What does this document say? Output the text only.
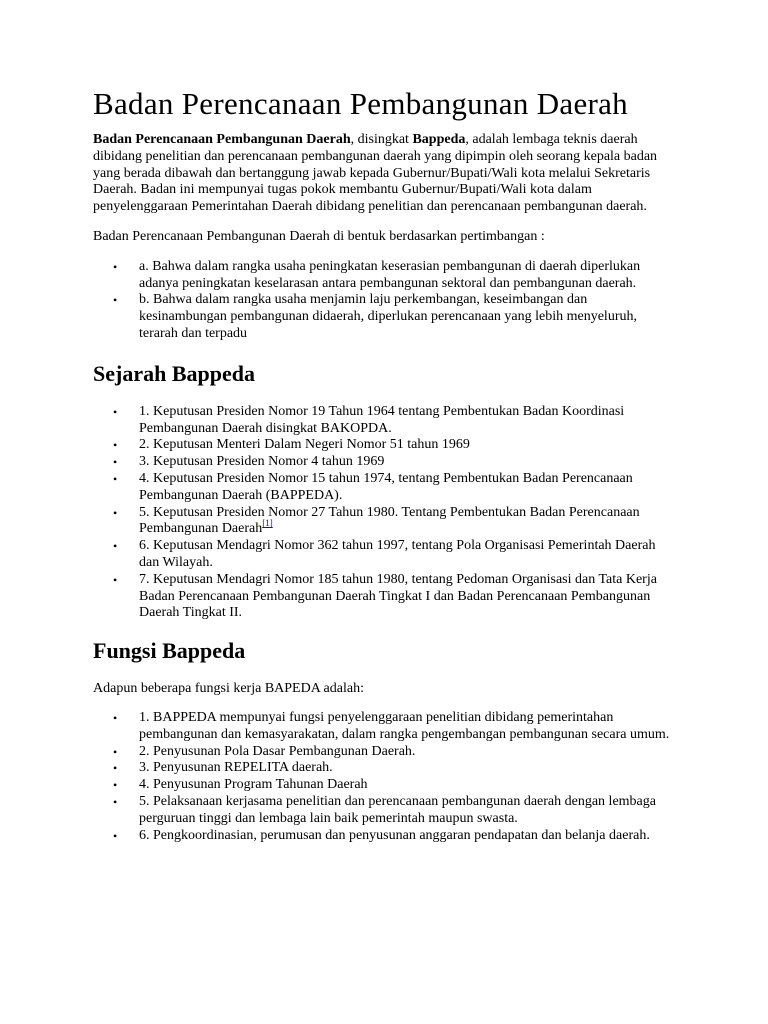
Badan Perencanaan Pembangunan Daerah

Badan Perencanaan Pembangunan Daerah, disingkat Bappeda, adalah lembaga teknis daerah dibidang penelitian dan perencanaan pembangunan daerah yang dipimpin oleh seorang kepala badan yang berada dibawah dan bertanggung jawab kepada Gubernur/Bupati/Wali kota melalui Sekretaris Daerah. Badan ini mempunyai tugas pokok membantu Gubernur/Bupati/Wali kota dalam penyelenggaraan Pemerintahan Daerah dibidang penelitian dan perencanaan pembangunan daerah.

Badan Perencanaan Pembangunan Daerah di bentuk berdasarkan pertimbangan :

• a. Bahwa dalam rangka usaha peningkatan keserasian pembangunan di daerah diperlukan adanya peningkatan keselarasan antara pembangunan sektoral dan pembangunan daerah.
• b. Bahwa dalam rangka usaha menjamin laju perkembangan, keseimbangan dan kesinambungan pembangunan didaerah, diperlukan perencanaan yang lebih menyeluruh, terarah dan terpadu
Sejarah Bappeda
• 1. Keputusan Presiden Nomor 19 Tahun 1964 tentang Pembentukan Badan Koordinasi Pembangunan Daerah disingkat BAKOPDA.
• 2. Keputusan Menteri Dalam Negeri Nomor 51 tahun 1969
• 3. Keputusan Presiden Nomor 4 tahun 1969
• 4. Keputusan Presiden Nomor 15 tahun 1974, tentang Pembentukan Badan Perencanaan Pembangunan Daerah (BAPPEDA).
• 5. Keputusan Presiden Nomor 27 Tahun 1980. Tentang Pembentukan Badan Perencanaan Pembangunan Daerah[1]
• 6. Keputusan Mendagri Nomor 362 tahun 1997, tentang Pola Organisasi Pemerintah Daerah dan Wilayah.
• 7. Keputusan Mendagri Nomor 185 tahun 1980, tentang Pedoman Organisasi dan Tata Kerja Badan Perencanaan Pembangunan Daerah Tingkat I dan Badan Perencanaan Pembangunan Daerah Tingkat II.
Fungsi Bappeda

Adapun beberapa fungsi kerja BAPEDA adalah:

• 1. BAPPEDA mempunyai fungsi penyelenggaraan penelitian dibidang pemerintahan pembangunan dan kemasyarakatan, dalam rangka pengembangan pembangunan secara umum.
• 2. Penyusunan Pola Dasar Pembangunan Daerah.
• 3. Penyusunan REPELITA daerah.
• 4. Penyusunan Program Tahunan Daerah
• 5. Pelaksanaan kerjasama penelitian dan perencanaan pembangunan daerah dengan lembaga perguruan tinggi dan lembaga lain baik pemerintah maupun swasta.
• 6. Pengkoordinasian, perumusan dan penyusunan anggaran pendapatan dan belanja daerah.
